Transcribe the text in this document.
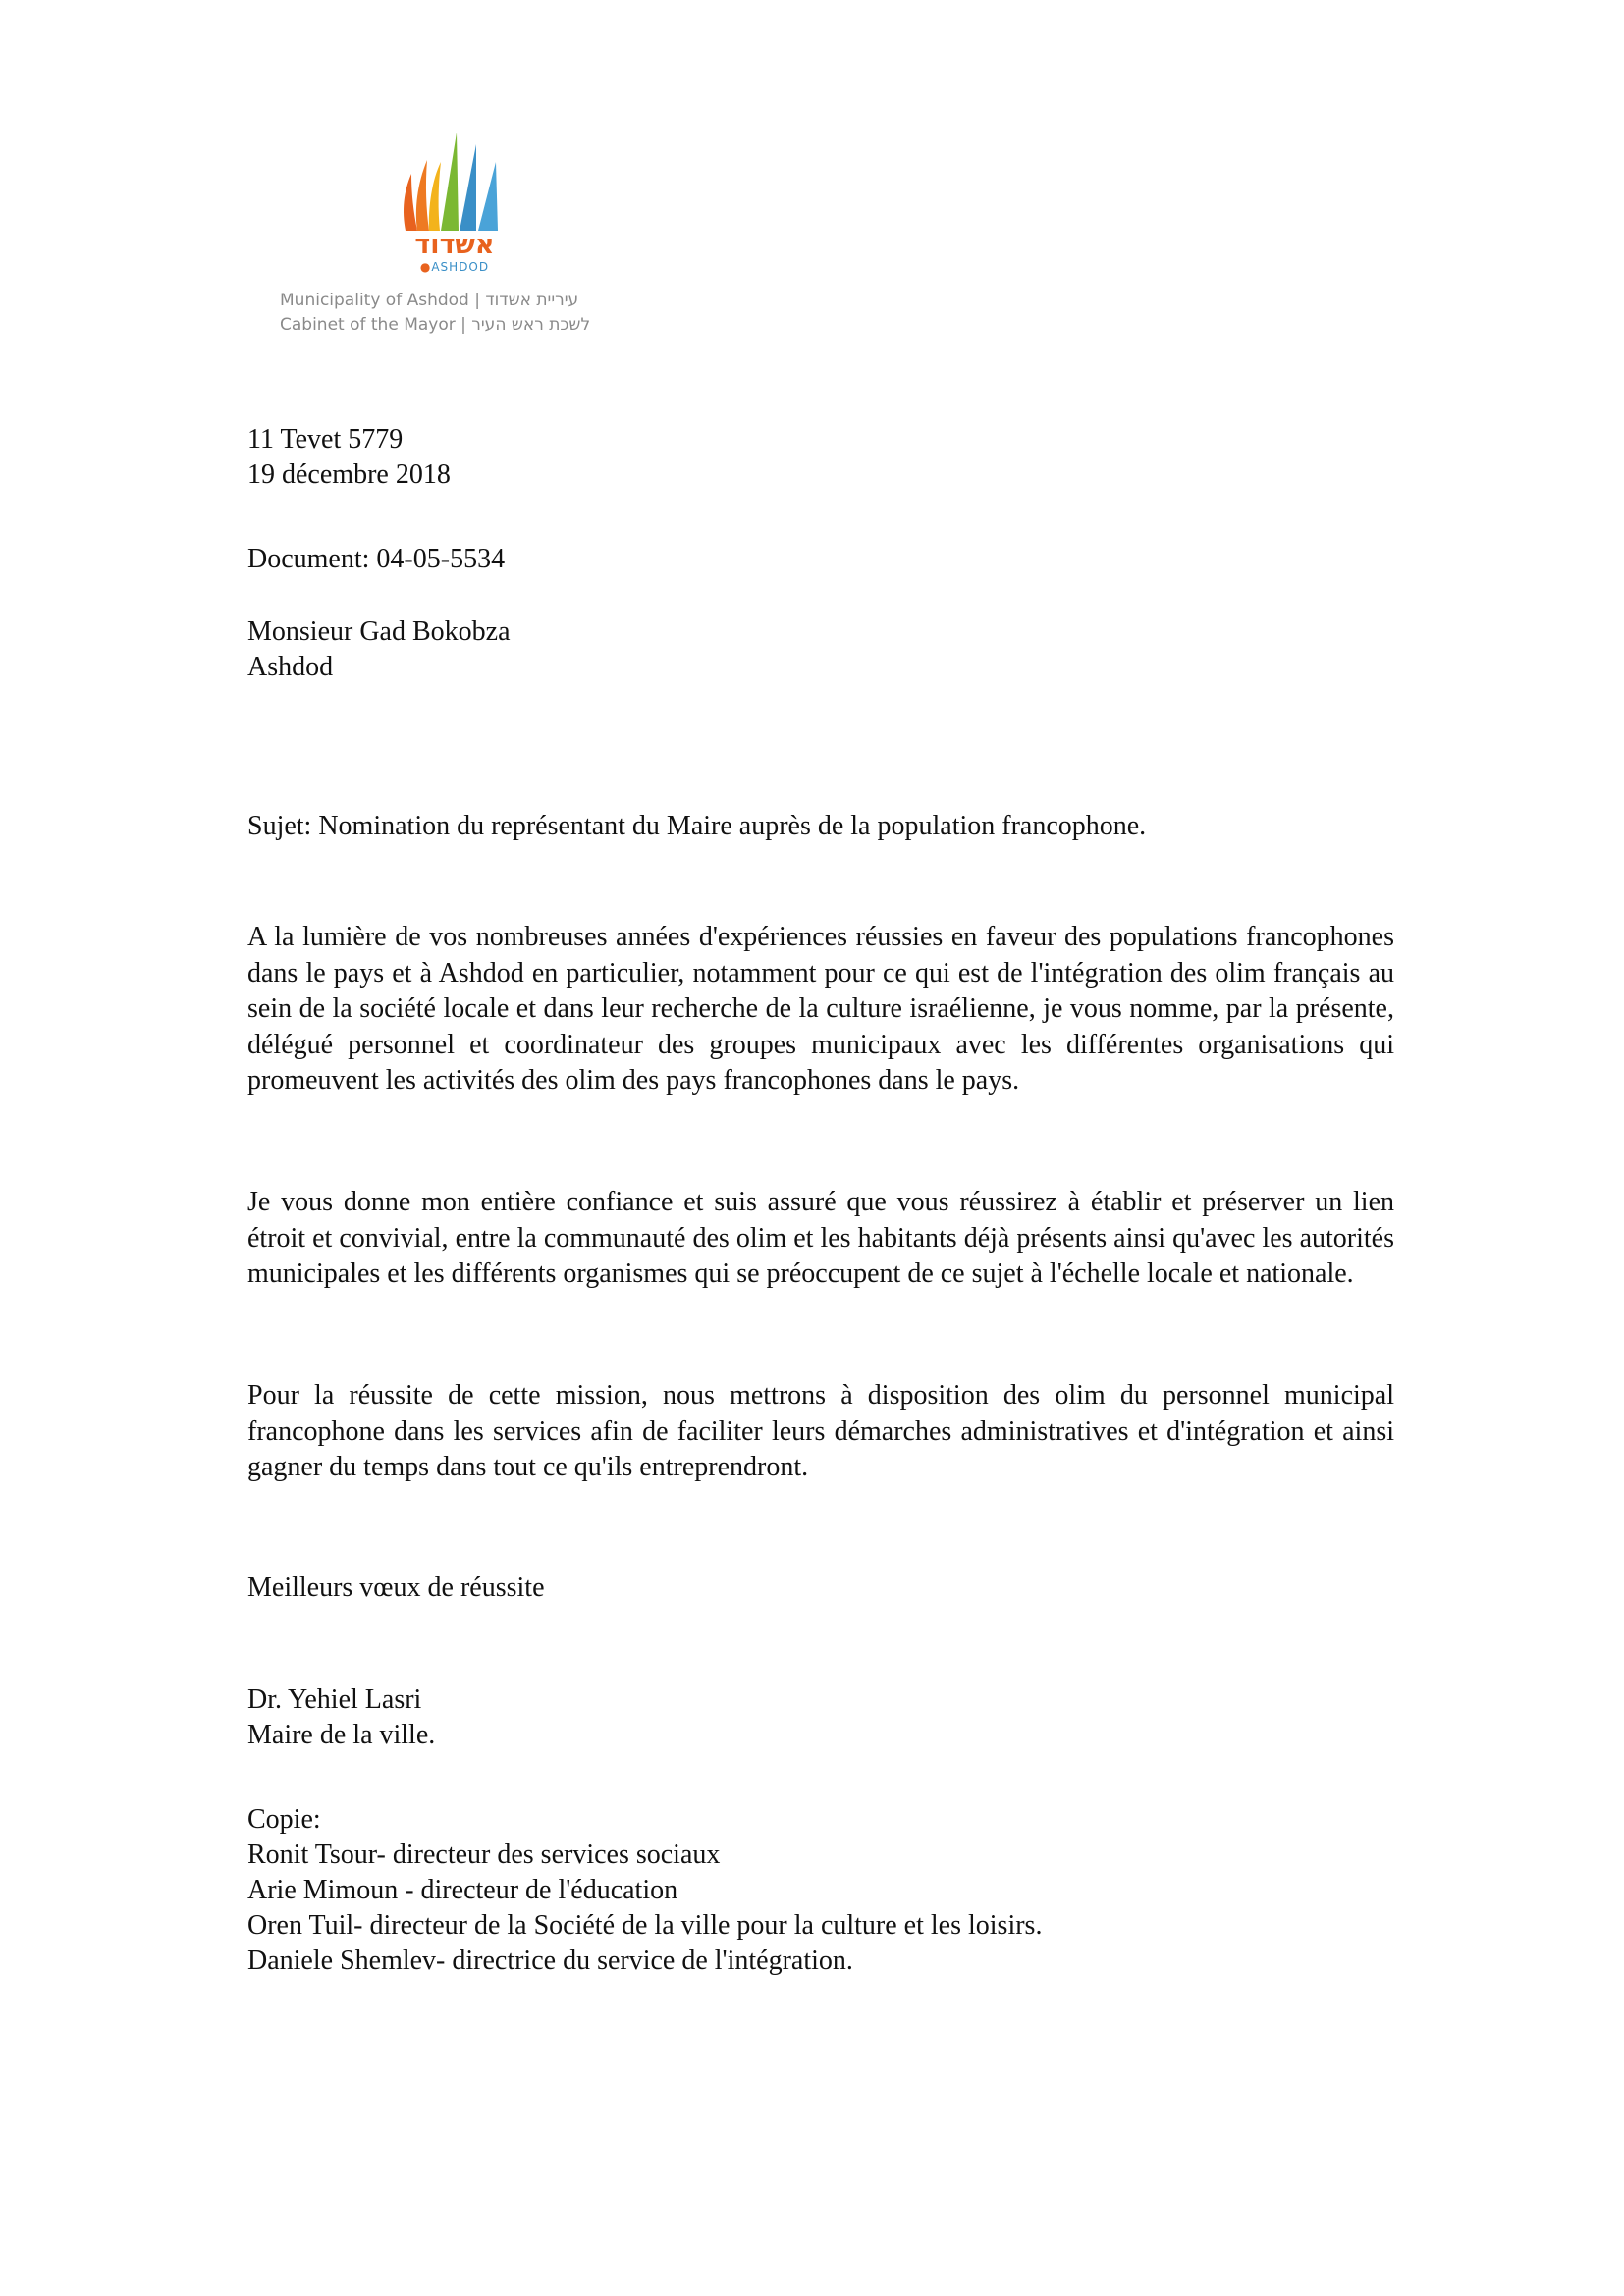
אשדוד
●ASHDOD
Municipality of Ashdod | עיריית אשדוד
Cabinet of the Mayor | לשכת ראש העיר
11 Tevet 5779
19 décembre 2018
Document: 04-05-5534
Monsieur Gad Bokobza
Ashdod
Sujet: Nomination du représentant du Maire auprès de la population francophone.
A la lumière de vos nombreuses années d'expériences réussies en faveur des populations francophones dans le pays et à Ashdod en particulier, notamment pour ce qui est de l'intégration des olim français au sein de la société locale et dans leur recherche de la culture israélienne, je vous nomme, par la présente, délégué personnel et coordinateur des groupes municipaux avec les différentes organisations qui promeuvent les activités des olim des pays francophones dans le pays.
Je vous donne mon entière confiance et suis assuré que vous réussirez à établir et préserver un lien étroit et convivial, entre la communauté des olim et les habitants déjà présents ainsi qu'avec les autorités municipales et les différents organismes qui se préoccupent de ce sujet à l'échelle locale et nationale.
Pour la réussite de cette mission, nous mettrons à disposition des olim du personnel municipal francophone dans les services afin de faciliter leurs démarches administratives et d'intégration et ainsi gagner du temps dans tout ce qu'ils entreprendront.
Meilleurs vœux de réussite
Dr. Yehiel Lasri
Maire de la ville.
Copie:
Ronit Tsour- directeur des services sociaux
Arie Mimoun - directeur de l'éducation
Oren Tuil- directeur de la Société de la ville pour la culture et les loisirs.
Daniele Shemlev- directrice du service de l'intégration.
